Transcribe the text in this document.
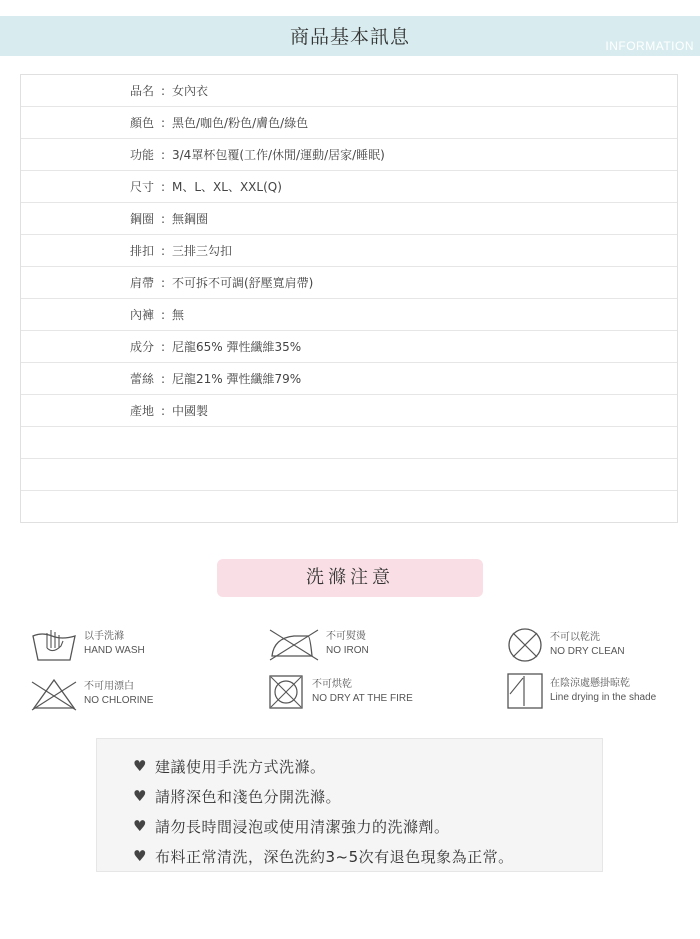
商品基本訊息	INFORMATION
品名 : 女內衣
顏色 : 黑色/咖色/粉色/膚色/綠色
功能 : 3/4罩杯包覆(工作/休閒/運動/居家/睡眠)
尺寸 : M、L、XL、XXL(Q)
鋼圈 : 無鋼圈
排扣 : 三排三勾扣
肩帶 : 不可拆不可調(舒壓寬肩帶)
內褲 : 無
成分 : 尼龍65% 彈性纖維35%
蕾絲 : 尼龍21% 彈性纖維79%
產地 : 中國製
洗滌注意
以手洗滌
HAND WASH
不可熨燙
NO IRON
不可以乾洗
NO DRY CLEAN
不可用漂白
NO CHLORINE
不可烘乾
NO DRY AT THE FIRE
在陰涼處懸掛晾乾
Line drying in the shade
♥ 建議使用手洗方式洗滌。
♥ 請將深色和淺色分開洗滌。
♥ 請勿長時間浸泡或使用清潔強力的洗滌劑。
♥ 布料正常清洗，深色洗約3~5次有退色現象為正常。
